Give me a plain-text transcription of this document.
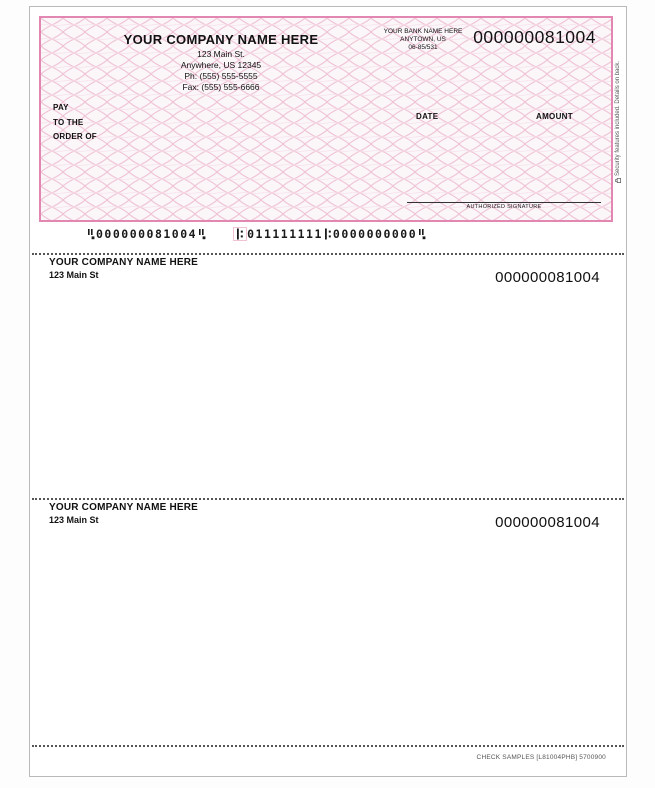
YOUR COMPANY NAME HERE
123 Main St.
Anywhere, US 12345
Ph: (555) 555-5555
Fax: (555) 555-6666
YOUR BANK NAME HERE
ANYTOWN, US
06-85/531
000000081004
PAY
TO THE
ORDER OF
DATE	AMOUNT
AUTHORIZED SIGNATURE
Security features included. Details on back.
000000081004	011111111 0000000000
YOUR COMPANY NAME HERE
123 Main St	000000081004
YOUR COMPANY NAME HERE
123 Main St	000000081004
CHECK SAMPLES [L81004PHB] 5700900
